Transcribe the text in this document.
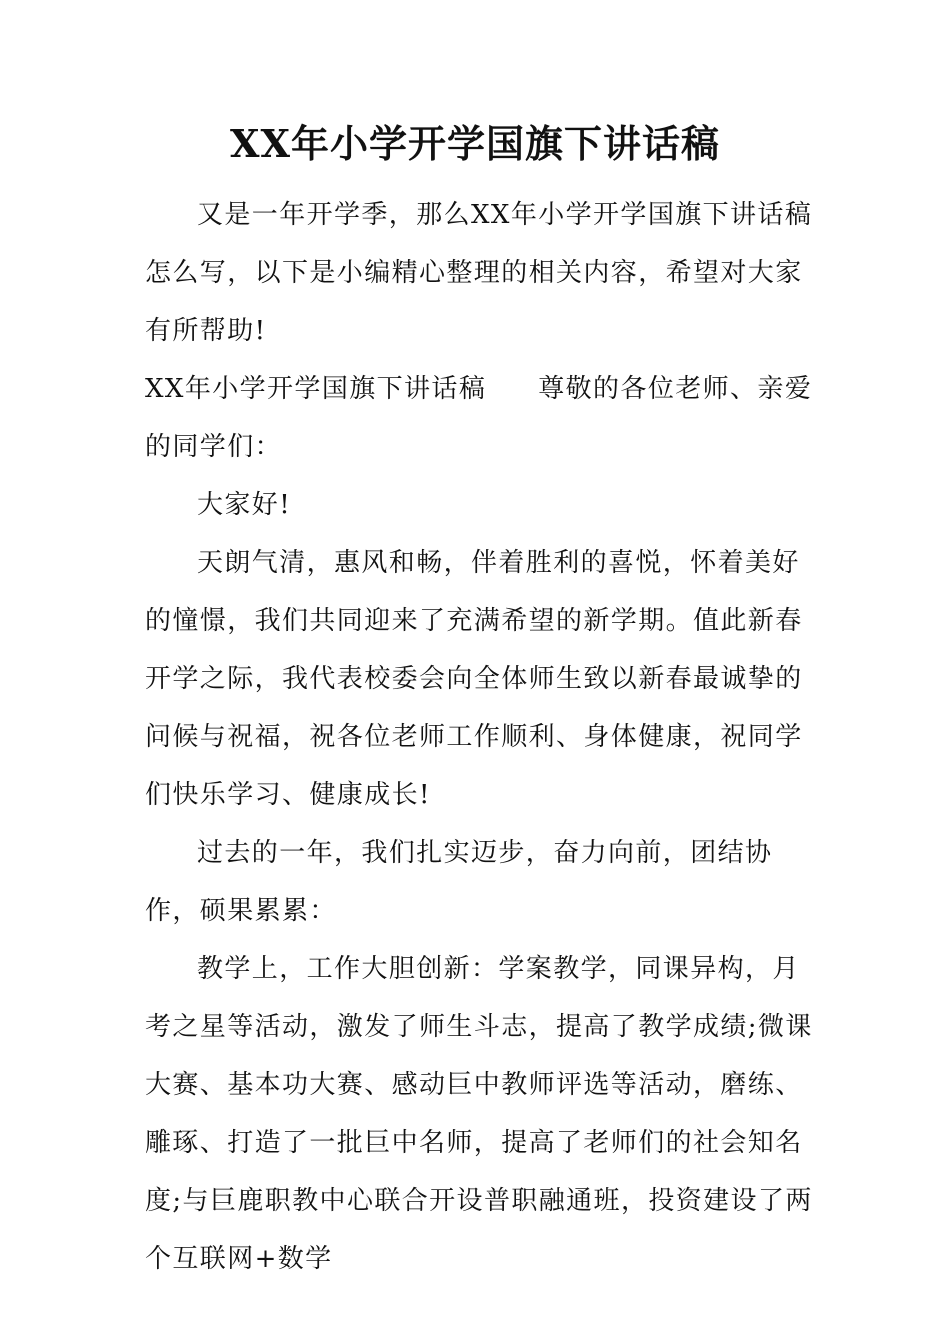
XX年小学开学国旗下讲话稿

又是一年开学季，那么XX年小学开学国旗下讲话稿怎么写，以下是小编精心整理的相关内容，希望对大家有所帮助!

XX年小学开学国旗下讲话稿 尊敬的各位老师、亲爱的同学们：

大家好!

天朗气清，惠风和畅，伴着胜利的喜悦，怀着美好的憧憬，我们共同迎来了充满希望的新学期。值此新春开学之际，我代表校委会向全体师生致以新春最诚挚的问候与祝福，祝各位老师工作顺利、身体健康，祝同学们快乐学习、健康成长!

过去的一年，我们扎实迈步，奋力向前，团结协作，硕果累累：

教学上，工作大胆创新：学案教学，同课异构，月考之星等活动，激发了师生斗志，提高了教学成绩;微课大赛、基本功大赛、感动巨中教师评选等活动，磨练、雕琢、打造了一批巨中名师，提高了老师们的社会知名度;与巨鹿职教中心联合开设普职融通班，投资建设了两个互联网+数学
